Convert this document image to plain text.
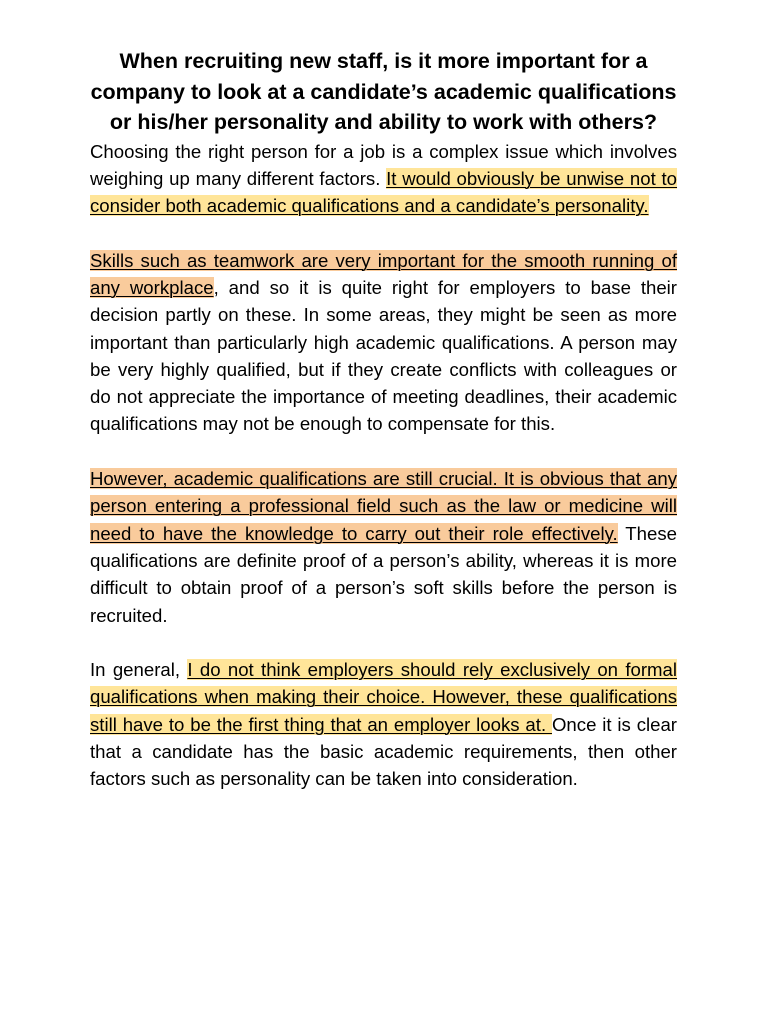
When recruiting new staff, is it more important for a company to look at a candidate’s academic qualifications or his/her personality and ability to work with others?

Choosing the right person for a job is a complex issue which involves weighing up many different factors. It would obviously be unwise not to consider both academic qualifications and a candidate’s personality.

Skills such as teamwork are very important for the smooth running of any workplace, and so it is quite right for employers to base their decision partly on these. In some areas, they might be seen as more important than particularly high academic qualifications. A person may be very highly qualified, but if they create conflicts with colleagues or do not appreciate the importance of meeting deadlines, their academic qualifications may not be enough to compensate for this.

However, academic qualifications are still crucial. It is obvious that any person entering a professional field such as the law or medicine will need to have the knowledge to carry out their role effectively. These qualifications are definite proof of a person’s ability, whereas it is more difficult to obtain proof of a person’s soft skills before the person is recruited.

In general, I do not think employers should rely exclusively on formal qualifications when making their choice. However, these qualifications still have to be the first thing that an employer looks at. Once it is clear that a candidate has the basic academic requirements, then other factors such as personality can be taken into consideration.
